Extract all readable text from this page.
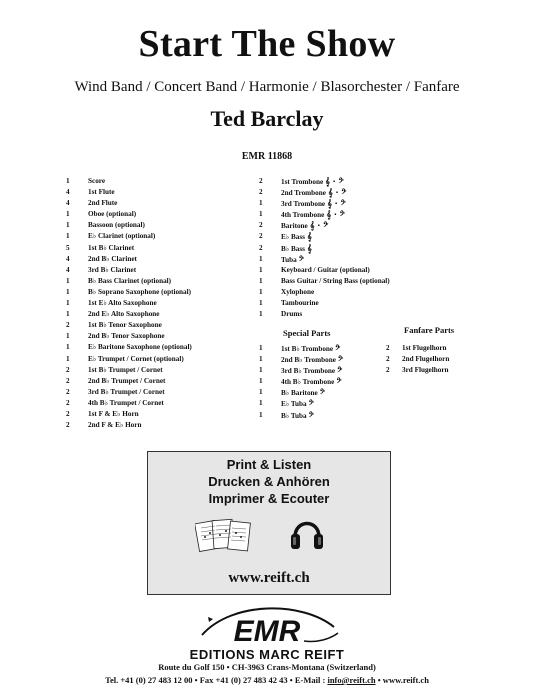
Start The Show
Wind Band / Concert Band / Harmonie / Blasorchester / Fanfare
Ted Barclay
EMR 11868
1	Score
4	1st Flute
4	2nd Flute
1	Oboe (optional)
1	Bassoon (optional)
1	E♭ Clarinet (optional)
5	1st B♭ Clarinet
4	2nd B♭ Clarinet
4	3rd B♭ Clarinet
1	B♭ Bass Clarinet (optional)
1	B♭ Soprano Saxophone (optional)
1	1st E♭ Alto Saxophone
1	2nd E♭ Alto Saxophone
2	1st B♭ Tenor Saxophone
1	2nd B♭ Tenor Saxophone
1	E♭ Baritone Saxophone (optional)
1	E♭ Trumpet / Cornet (optional)
2	1st B♭ Trumpet / Cornet
2	2nd B♭ Trumpet / Cornet
2	3rd B♭ Trumpet / Cornet
2	4th B♭ Trumpet / Cornet
2	1st F & E♭ Horn
2	2nd F & E♭ Horn
2	1st Trombone 𝄞 · 𝄢
2	2nd Trombone 𝄞 · 𝄢
1	3rd Trombone 𝄞 · 𝄢
1	4th Trombone 𝄞 · 𝄢
2	Baritone 𝄞 · 𝄢
2	E♭ Bass 𝄞
2	B♭ Bass 𝄞
1	Tuba 𝄢
1	Keyboard / Guitar (optional)
1	Bass Guitar / String Bass (optional)
1	Xylophone
1	Tambourine
1	Drums
Special Parts
1	1st B♭ Trombone 𝄢
1	2nd B♭ Trombone 𝄢
1	3rd B♭ Trombone 𝄢
1	4th B♭ Trombone 𝄢
1	B♭ Baritone 𝄢
1	E♭ Tuba 𝄢
1	B♭ Tuba 𝄢
Fanfare Parts
2	1st Flugelhorn
2	2nd Flugelhorn
2	3rd Flugelhorn
Print & Listen
Drucken & Anhören
Imprimer & Ecouter
www.reift.ch
EMR
EDITIONS MARC REIFT
Route du Golf 150 • CH-3963 Crans-Montana (Switzerland)
Tel. +41 (0) 27 483 12 00 • Fax +41 (0) 27 483 42 43 • E-Mail : info@reift.ch • www.reift.ch
